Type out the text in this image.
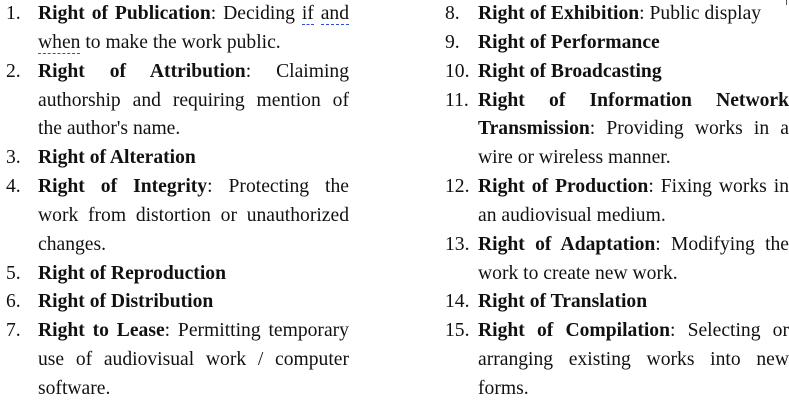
1. Right of Publication: Deciding if and when to make the work public.
2. Right of Attribution: Claiming authorship and requiring mention of the author's name.
3. Right of Alteration
4. Right of Integrity: Protecting the work from distortion or unauthorized changes.
5. Right of Reproduction
6. Right of Distribution
7. Right to Lease: Permitting temporary use of audiovisual work / computer software.
8. Right of Exhibition: Public display
9. Right of Performance
10. Right of Broadcasting
11. Right of Information Network Transmission: Providing works in a wire or wireless manner.
12. Right of Production: Fixing works in an audiovisual medium.
13. Right of Adaptation: Modifying the work to create new work.
14. Right of Translation
15. Right of Compilation: Selecting or arranging existing works into new forms.
